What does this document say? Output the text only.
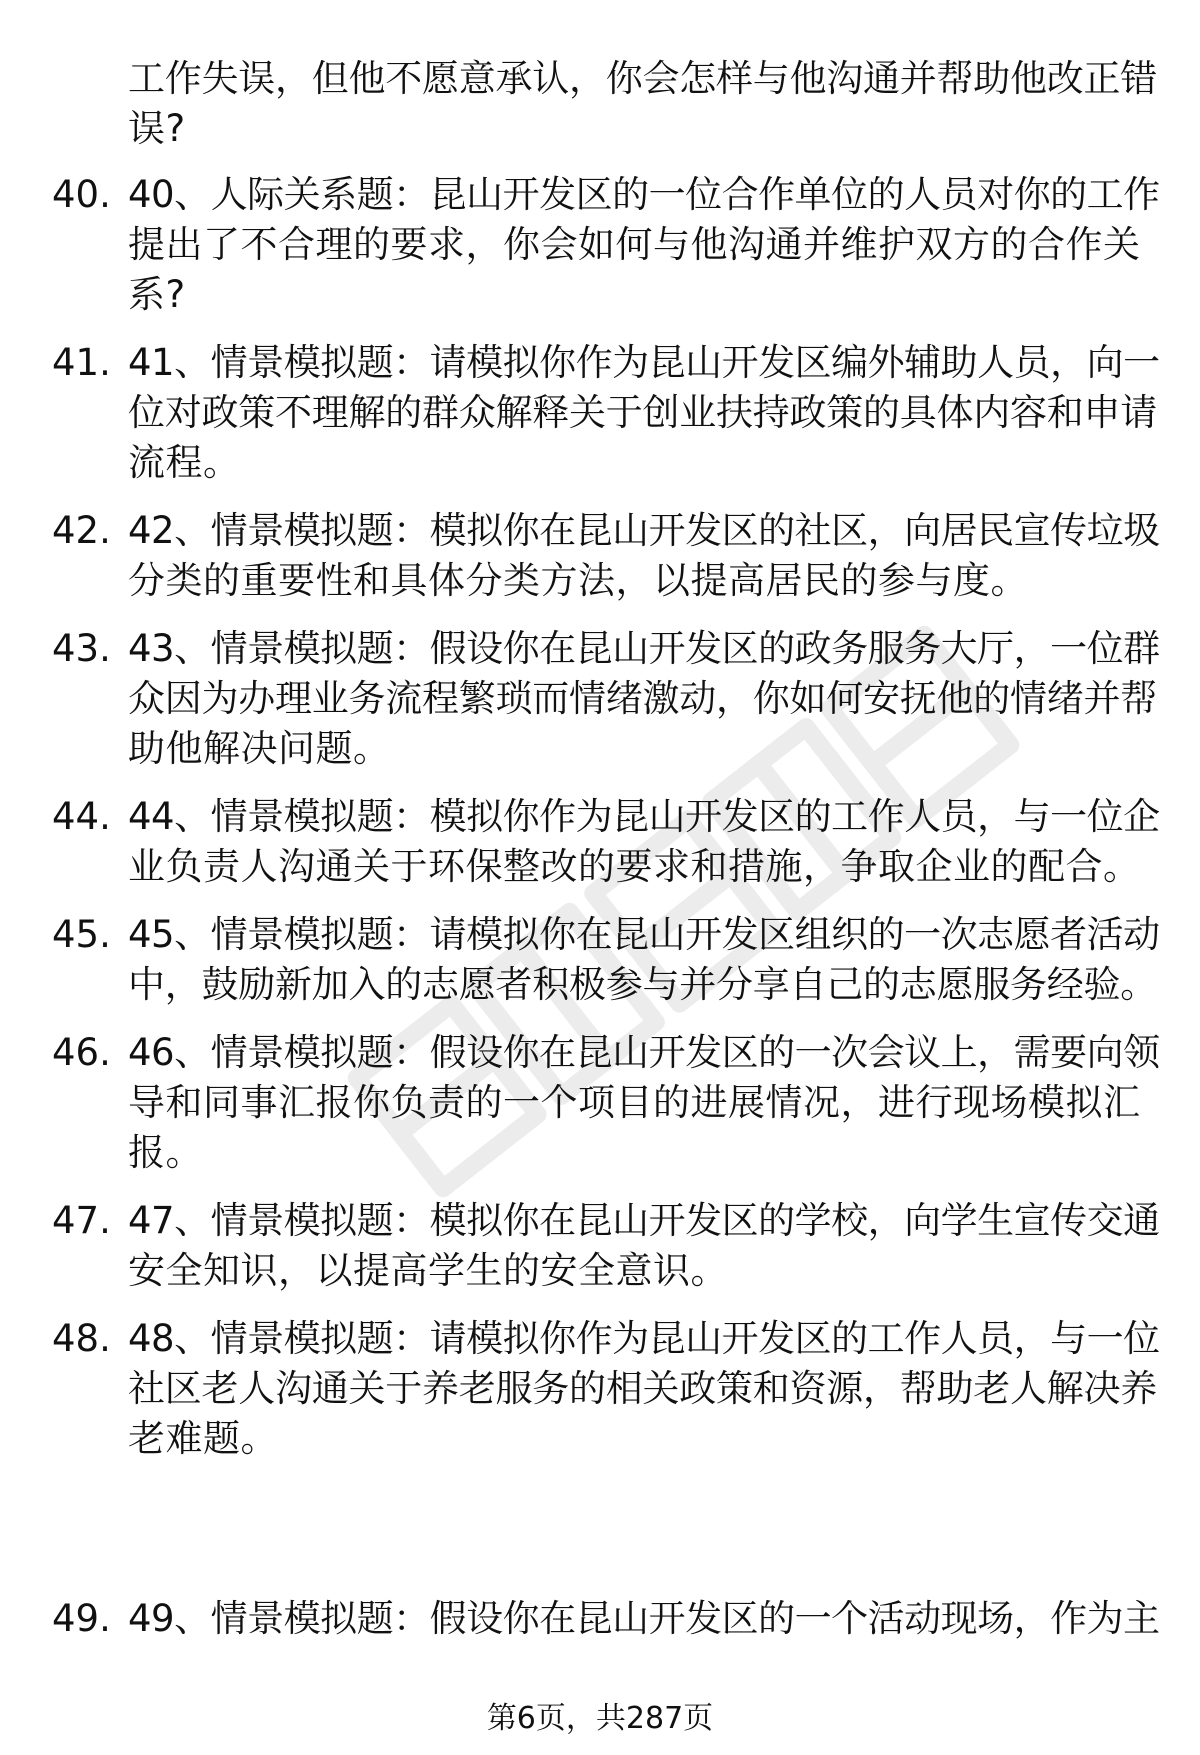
工作失误，但他不愿意承认，你会怎样与他沟通并帮助他改正错
误?
40. 40、人际关系题：昆山开发区的一位合作单位的人员对你的工作
提出了不合理的要求，你会如何与他沟通并维护双方的合作关
系?
41. 41、情景模拟题：请模拟你作为昆山开发区编外辅助人员，向一
位对政策不理解的群众解释关于创业扶持政策的具体内容和申请
流程。
42. 42、情景模拟题：模拟你在昆山开发区的社区，向居民宣传垃圾
分类的重要性和具体分类方法，以提高居民的参与度。
43. 43、情景模拟题：假设你在昆山开发区的政务服务大厅，一位群
众因为办理业务流程繁琐而情绪激动，你如何安抚他的情绪并帮
助他解决问题。
44. 44、情景模拟题：模拟你作为昆山开发区的工作人员，与一位企
业负责人沟通关于环保整改的要求和措施，争取企业的配合。
45. 45、情景模拟题：请模拟你在昆山开发区组织的一次志愿者活动
中，鼓励新加入的志愿者积极参与并分享自己的志愿服务经验。
46. 46、情景模拟题：假设你在昆山开发区的一次会议上，需要向领
导和同事汇报你负责的一个项目的进展情况，进行现场模拟汇
报。
47. 47、情景模拟题：模拟你在昆山开发区的学校，向学生宣传交通
安全知识，以提高学生的安全意识。
48. 48、情景模拟题：请模拟你作为昆山开发区的工作人员，与一位
社区老人沟通关于养老服务的相关政策和资源，帮助老人解决养
老难题。
49. 49、情景模拟题：假设你在昆山开发区的一个活动现场，作为主
第6页，共287页
